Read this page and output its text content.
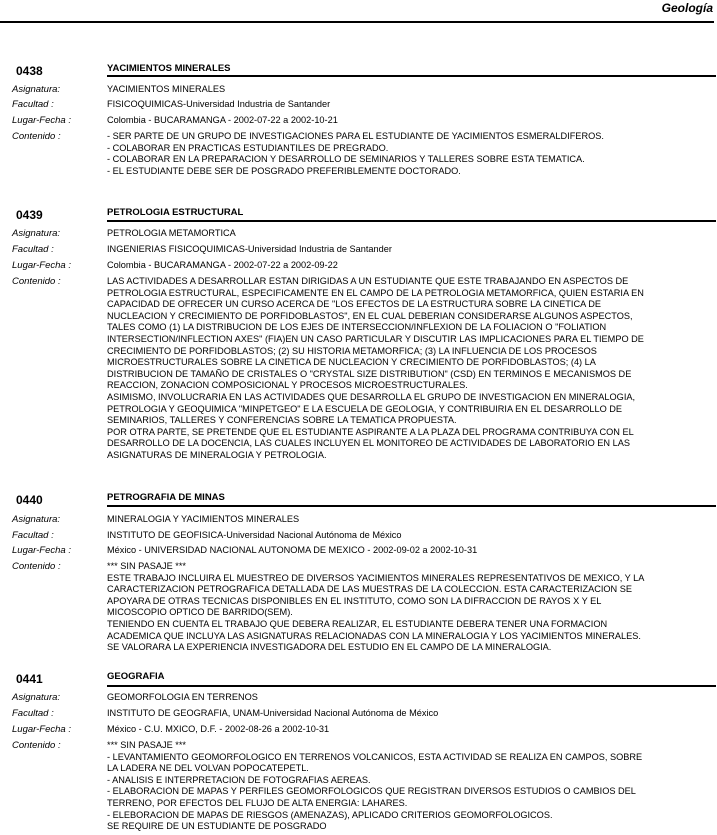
Geología
0438	YACIMIENTOS MINERALES
Asignatura:	YACIMIENTOS MINERALES
Facultad :	FISICOQUIMICAS-Universidad Industria de Santander
Lugar-Fecha :	Colombia - BUCARAMANGA - 2002-07-22 a 2002-10-21
Contenido :	- SER PARTE DE UN GRUPO DE INVESTIGACIONES PARA EL ESTUDIANTE DE YACIMIENTOS ESMERALDIFEROS.
- COLABORAR EN PRACTICAS ESTUDIANTILES DE PREGRADO.
- COLABORAR EN LA PREPARACION Y DESARROLLO DE SEMINARIOS Y TALLERES SOBRE ESTA TEMATICA.
- EL ESTUDIANTE DEBE SER DE POSGRADO PREFERIBLEMENTE DOCTORADO.
0439	PETROLOGIA ESTRUCTURAL
Asignatura:	PETROLOGIA METAMORTICA
Facultad :	INGENIERIAS FISICOQUIMICAS-Universidad Industria de Santander
Lugar-Fecha :	Colombia - BUCARAMANGA - 2002-07-22 a 2002-09-22
Contenido :	LAS ACTIVIDADES A DESARROLLAR ESTAN DIRIGIDAS A UN ESTUDIANTE QUE ESTE TRABAJANDO EN ASPECTOS DE
PETROLOGIA ESTRUCTURAL, ESPECIFICAMENTE EN EL CAMPO DE LA PETROLOGIA METAMORFICA, QUIEN ESTARIA EN
CAPACIDAD DE OFRECER UN CURSO ACERCA DE "LOS EFECTOS DE LA ESTRUCTURA SOBRE LA CINETICA DE
NUCLEACION Y CRECIMIENTO DE PORFIDOBLASTOS", EN EL CUAL DEBERIAN CONSIDERARSE ALGUNOS ASPECTOS,
TALES COMO (1) LA DISTRIBUCION DE LOS EJES DE INTERSECCION/INFLEXION DE LA FOLIACION O "FOLIATION
INTERSECTION/INFLECTION AXES" (FIA)EN UN CASO PARTICULAR Y DISCUTIR LAS IMPLICACIONES PARA EL TIEMPO DE
CRECIMIENTO DE PORFIDOBLASTOS; (2) SU HISTORIA METAMORFICA; (3) LA INFLUENCIA DE LOS PROCESOS
MICROESTRUCTURALES SOBRE LA CINETICA DE NUCLEACION Y CRECIMIENTO DE PORFIDOBLASTOS; (4) LA
DISTRIBUCION DE TAMAÑO DE CRISTALES O "CRYSTAL SIZE DISTRIBUTION" (CSD) EN TERMINOS E MECANISMOS DE
REACCION, ZONACION COMPOSICIONAL Y PROCESOS MICROESTRUCTURALES.
ASIMISMO, INVOLUCRARIA EN LAS ACTIVIDADES QUE DESARROLLA EL GRUPO DE INVESTIGACION EN MINERALOGIA,
PETROLOGIA Y GEOQUIMICA "MINPETGEO" E LA ESCUELA DE GEOLOGIA, Y CONTRIBUIRIA EN EL DESARROLLO DE
SEMINARIOS, TALLERES Y CONFERENCIAS SOBRE LA TEMATICA PROPUESTA.
POR OTRA PARTE, SE PRETENDE QUE EL ESTUDIANTE ASPIRANTE A LA PLAZA DEL PROGRAMA CONTRIBUYA CON EL
DESARROLLO DE LA DOCENCIA, LAS CUALES INCLUYEN EL MONITOREO DE ACTIVIDADES DE LABORATORIO EN LAS
ASIGNATURAS DE MINERALOGIA Y PETROLOGIA.
0440	PETROGRAFIA DE MINAS
Asignatura:	MINERALOGIA Y YACIMIENTOS MINERALES
Facultad :	INSTITUTO DE GEOFISICA-Universidad Nacional Autónoma de México
Lugar-Fecha :	México - UNIVERSIDAD NACIONAL AUTONOMA DE MEXICO - 2002-09-02 a 2002-10-31
Contenido :	*** SIN PASAJE ***
ESTE TRABAJO INCLUIRA EL MUESTREO DE DIVERSOS YACIMIENTOS MINERALES REPRESENTATIVOS DE MEXICO, Y LA
CARACTERIZACION PETROGRAFICA DETALLADA DE LAS MUESTRAS DE LA COLECCION. ESTA CARACTERIZACION SE
APOYARA DE OTRAS TECNICAS DISPONIBLES EN EL INSTITUTO, COMO SON LA DIFRACCION DE RAYOS X Y EL
MICOSCOPIO OPTICO DE BARRIDO(SEM).
TENIENDO EN CUENTA EL TRABAJO QUE DEBERA REALIZAR, EL ESTUDIANTE DEBERA TENER UNA FORMACION
ACADEMICA QUE INCLUYA LAS ASIGNATURAS RELACIONADAS CON LA MINERALOGIA Y LOS YACIMIENTOS MINERALES.
SE VALORARA LA EXPERIENCIA INVESTIGADORA DEL ESTUDIO EN EL CAMPO DE LA MINERALOGIA.
0441	GEOGRAFIA
Asignatura:	GEOMORFOLOGIA EN TERRENOS
Facultad :	INSTITUTO DE GEOGRAFIA, UNAM-Universidad Nacional Autónoma de México
Lugar-Fecha :	México - C.U. MXICO, D.F. - 2002-08-26 a 2002-10-31
Contenido :	*** SIN PASAJE ***
- LEVANTAMIENTO GEOMORFOLOGICO EN TERRENOS VOLCANICOS, ESTA ACTIVIDAD SE REALIZA EN CAMPOS, SOBRE
LA LADERA NE DEL VOLVAN POPOCATEPETL.
- ANALISIS E INTERPRETACION DE FOTOGRAFIAS AEREAS.
- ELABORACION DE MAPAS Y PERFILES GEOMORFOLOGICOS QUE REGISTRAN DIVERSOS ESTUDIOS O CAMBIOS DEL
TERRENO, POR EFECTOS DEL FLUJO DE ALTA ENERGIA: LAHARES.
- ELEBORACION DE MAPAS DE RIESGOS (AMENAZAS), APLICADO CRITERIOS GEOMORFOLOGICOS.
SE REQUIRE DE UN ESTUDIANTE DE POSGRADO
